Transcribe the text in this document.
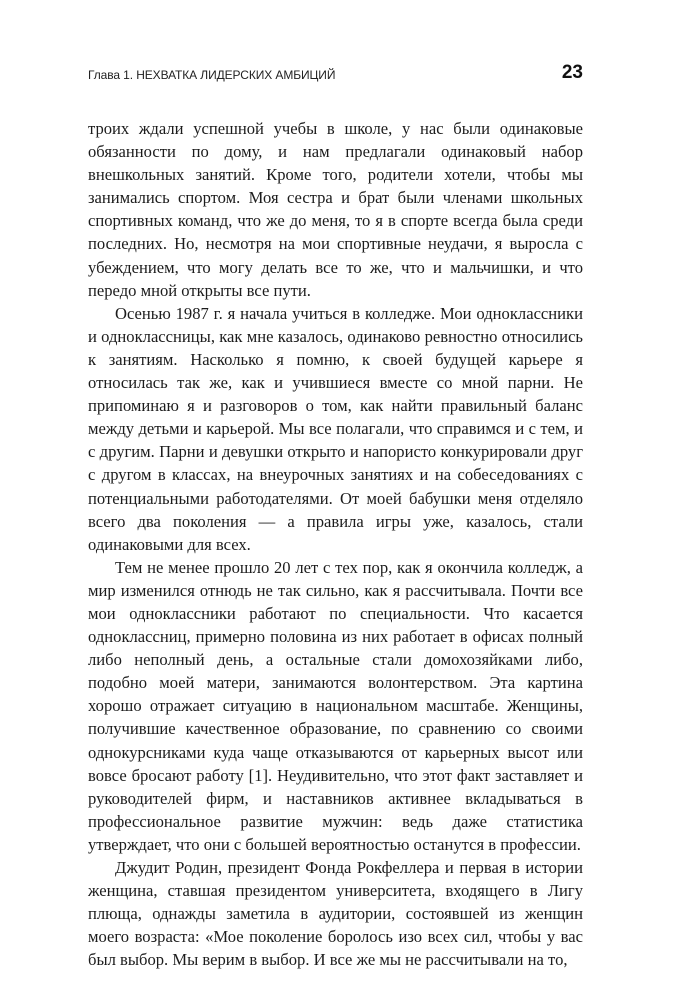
Глава 1. НЕХВАТКА ЛИДЕРСКИХ АМБИЦИЙ	23

троих ждали успешной учебы в школе, у нас были одинаковые обязанности по дому, и нам предлагали одинаковый набор внешкольных занятий. Кроме того, родители хотели, чтобы мы занимались спортом. Моя сестра и брат были членами школьных спортивных команд, что же до меня, то я в спорте всегда была среди последних. Но, несмотря на мои спортивные неудачи, я выросла с убеждением, что могу делать все то же, что и мальчишки, и что передо мной открыты все пути.

Осенью 1987 г. я начала учиться в колледже. Мои одноклассники и одноклассницы, как мне казалось, одинаково ревностно относились к занятиям. Насколько я помню, к своей будущей карьере я относилась так же, как и учившиеся вместе со мной парни. Не припоминаю я и разговоров о том, как найти правильный баланс между детьми и карьерой. Мы все полагали, что справимся и с тем, и с другим. Парни и девушки открыто и напористо конкурировали друг с другом в классах, на внеурочных занятиях и на собеседованиях с потенциальными работодателями. От моей бабушки меня отделяло всего два поколения — а правила игры уже, казалось, стали одинаковыми для всех.

Тем не менее прошло 20 лет с тех пор, как я окончила колледж, а мир изменился отнюдь не так сильно, как я рассчитывала. Почти все мои одноклассники работают по специальности. Что касается одноклассниц, примерно половина из них работает в офисах полный либо неполный день, а остальные стали домохозяйками либо, подобно моей матери, занимаются волонтерством. Эта картина хорошо отражает ситуацию в национальном масштабе. Женщины, получившие качественное образование, по сравнению со своими однокурсниками куда чаще отказываются от карьерных высот или вовсе бросают работу [1]. Неудивительно, что этот факт заставляет и руководителей фирм, и наставников активнее вкладываться в профессиональное развитие мужчин: ведь даже статистика утверждает, что они с большей вероятностью останутся в профессии.

Джудит Родин, президент Фонда Рокфеллера и первая в истории женщина, ставшая президентом университета, входящего в Лигу плюща, однажды заметила в аудитории, состоявшей из женщин моего возраста: «Мое поколение боролось изо всех сил, чтобы у вас был выбор. Мы верим в выбор. И все же мы не рассчитывали на то,
